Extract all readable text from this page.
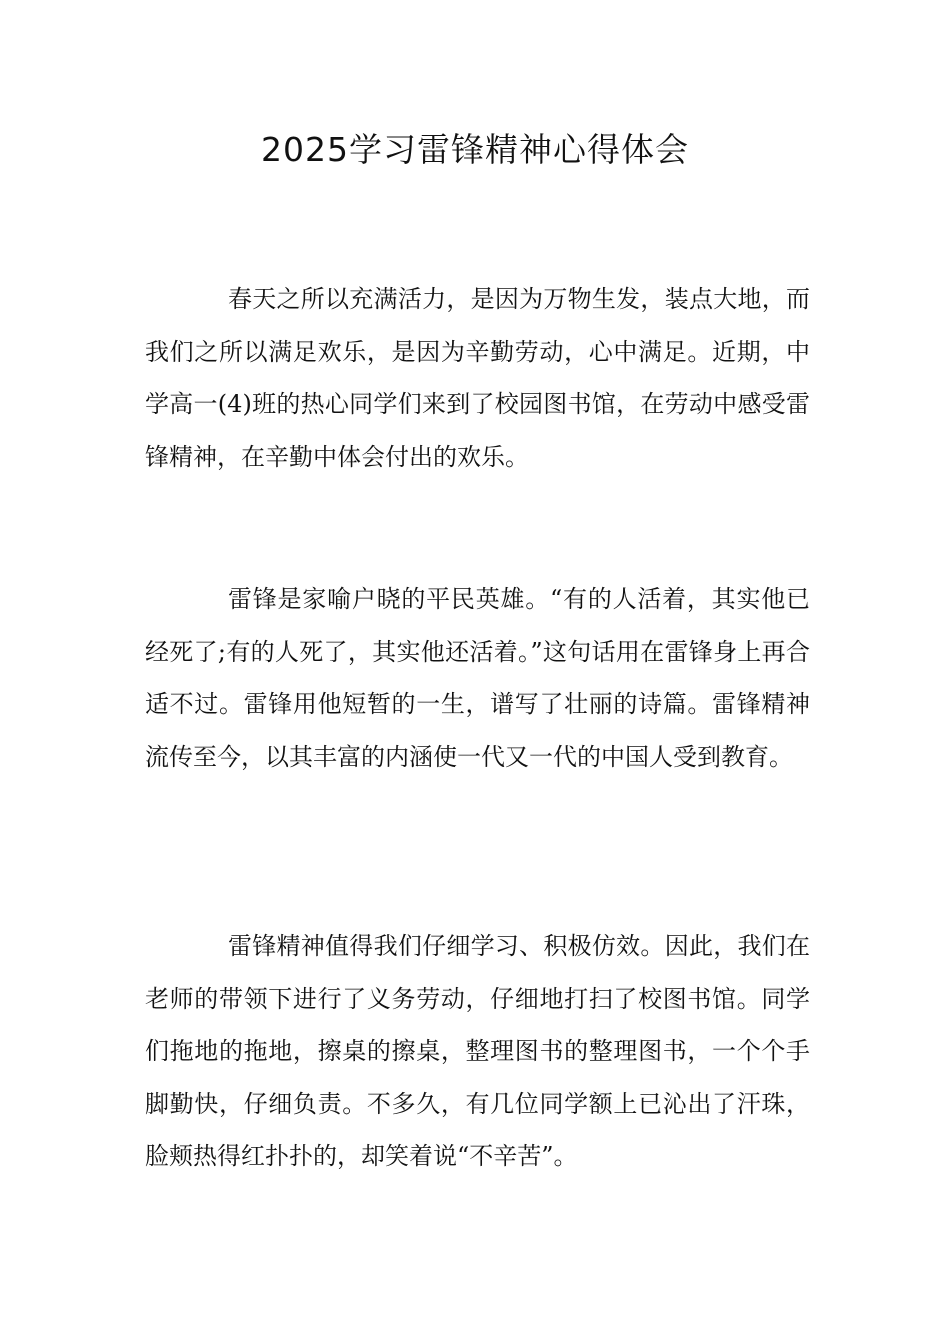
2025学习雷锋精神心得体会

春天之所以充满活力，是因为万物生发，装点大地，而我们之所以满足欢乐，是因为辛勤劳动，心中满足。近期，中学高一(4)班的热心同学们来到了校园图书馆，在劳动中感受雷锋精神，在辛勤中体会付出的欢乐。

雷锋是家喻户晓的平民英雄。“有的人活着，其实他已经死了;有的人死了，其实他还活着。”这句话用在雷锋身上再合适不过。雷锋用他短暂的一生，谱写了壮丽的诗篇。雷锋精神流传至今，以其丰富的内涵使一代又一代的中国人受到教育。

雷锋精神值得我们仔细学习、积极仿效。因此，我们在老师的带领下进行了义务劳动，仔细地打扫了校图书馆。同学们拖地的拖地，擦桌的擦桌，整理图书的整理图书，一个个手脚勤快，仔细负责。不多久，有几位同学额上已沁出了汗珠，脸颊热得红扑扑的，却笑着说“不辛苦”。
